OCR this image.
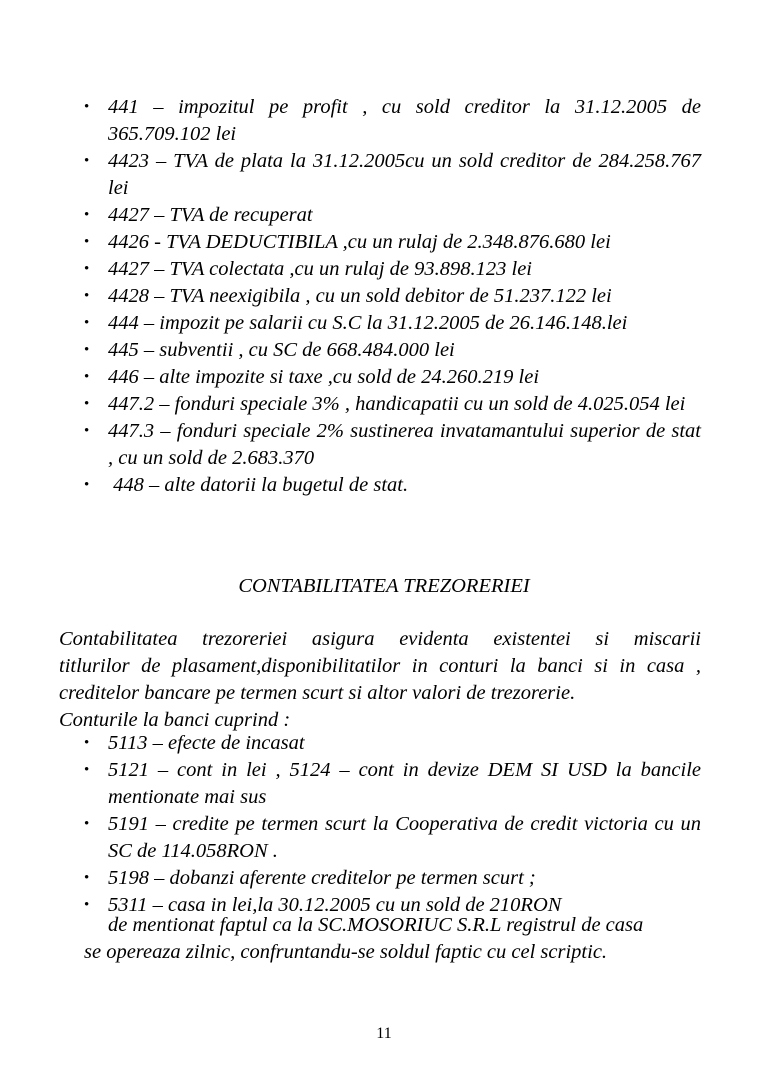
• 441 – impozitul pe profit , cu sold creditor la 31.12.2005 de 365.709.102 lei
• 4423 – TVA de plata la 31.12.2005cu un sold creditor de 284.258.767 lei
• 4427 – TVA de recuperat
• 4426 - TVA DEDUCTIBILA ,cu un rulaj de 2.348.876.680 lei
• 4427 – TVA colectata ,cu un rulaj de 93.898.123 lei
• 4428 – TVA neexigibila , cu un sold debitor de 51.237.122 lei
• 444 – impozit pe salarii cu S.C la 31.12.2005 de 26.146.148.lei
• 445 – subventii , cu SC de 668.484.000 lei
• 446 – alte impozite si taxe ,cu sold de 24.260.219 lei
• 447.2 – fonduri speciale 3% , handicapatii cu un sold de 4.025.054 lei
• 447.3 – fonduri speciale 2% sustinerea invatamantului superior de stat , cu un sold de 2.683.370
• 448 – alte datorii la bugetul de stat.
CONTABILITATEA TREZORERIEI
Contabilitatea trezoreriei asigura evidenta existentei si miscarii
titlurilor de plasament,disponibilitatilor in conturi la banci si in casa ,
creditelor bancare pe termen scurt si altor valori de trezorerie.
Conturile la banci cuprind :
• 5113 – efecte de incasat
• 5121 – cont in lei , 5124 – cont in devize DEM SI USD la bancile mentionate mai sus
• 5191 – credite pe termen scurt la Cooperativa de credit victoria cu un SC de 114.058RON .
• 5198 – dobanzi aferente creditelor pe termen scurt ;
• 5311 – casa in lei,la 30.12.2005 cu un sold de 210RON
de mentionat faptul ca la SC.MOSORIUC S.R.L registrul de casa
se opereaza zilnic, confruntandu-se soldul faptic cu cel scriptic.
11
